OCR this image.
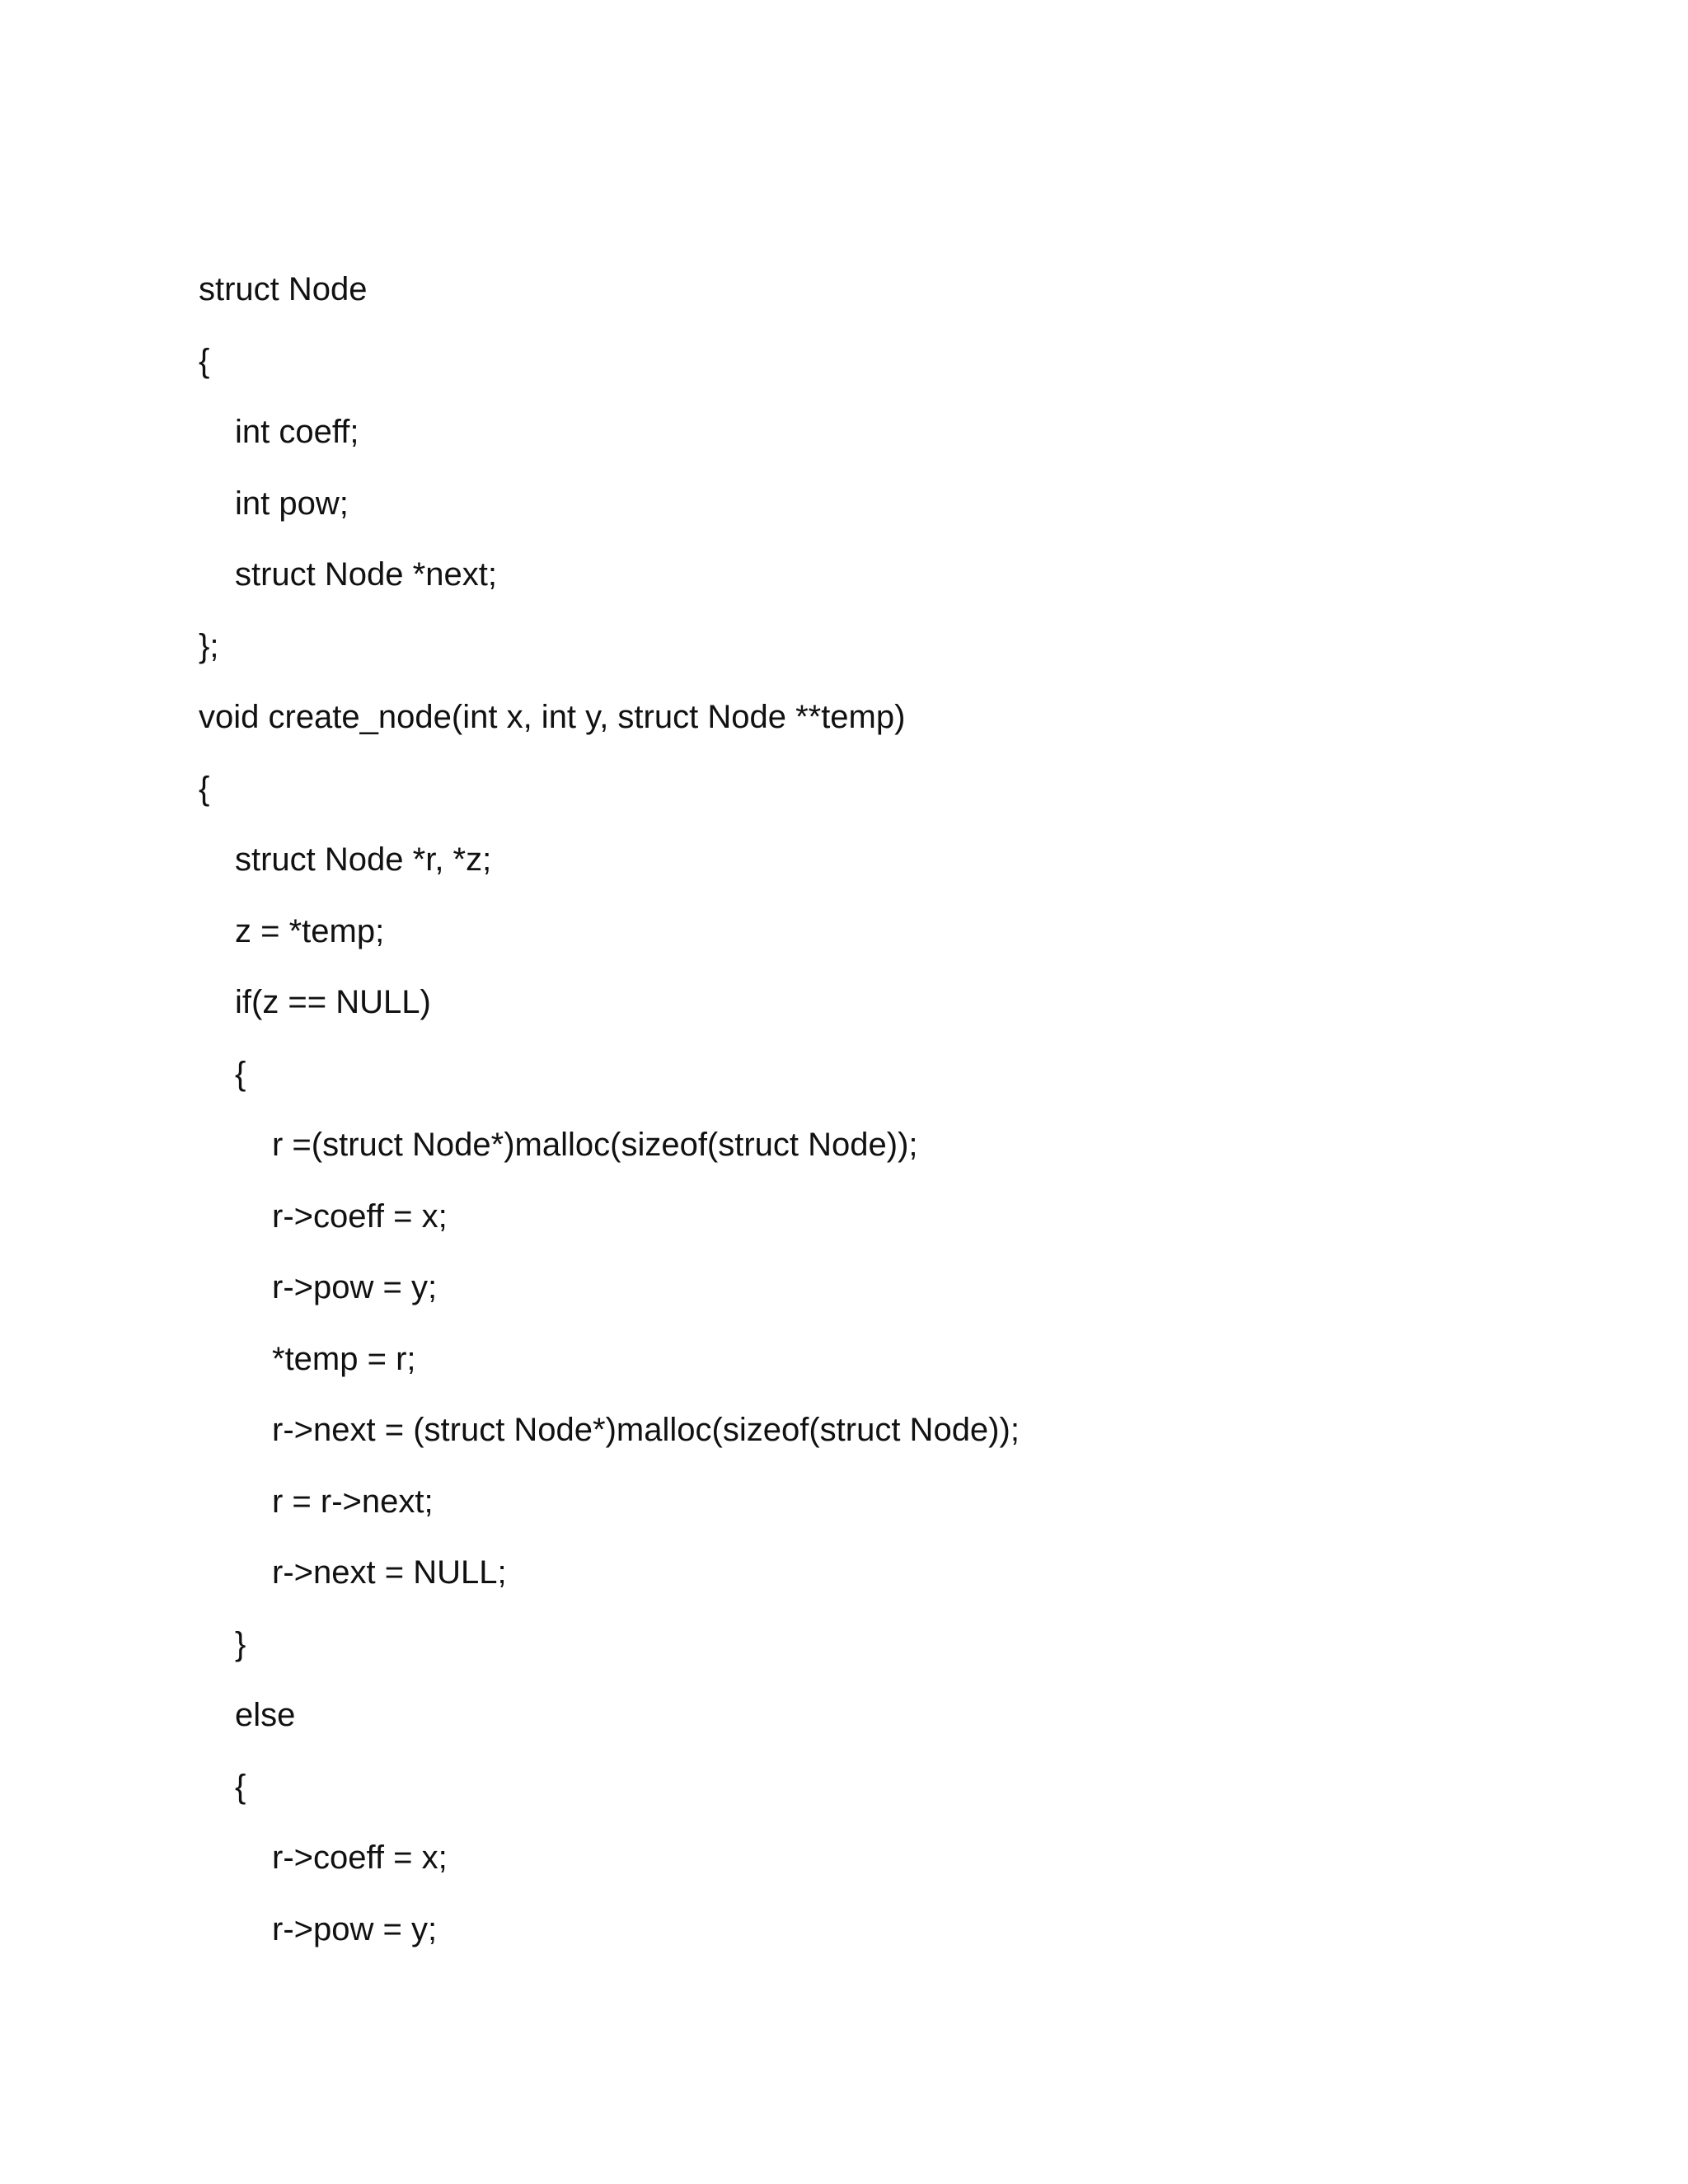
struct Node
{
int coeff;
int pow;
struct Node *next;
};
void create_node(int x, int y, struct Node **temp)
{
struct Node *r, *z;
z = *temp;
if(z == NULL)
{
r =(struct Node*)malloc(sizeof(struct Node));
r->coeff = x;
r->pow = y;
*temp = r;
r->next = (struct Node*)malloc(sizeof(struct Node));
r = r->next;
r->next = NULL;
}
else
{
r->coeff = x;
r->pow = y;
